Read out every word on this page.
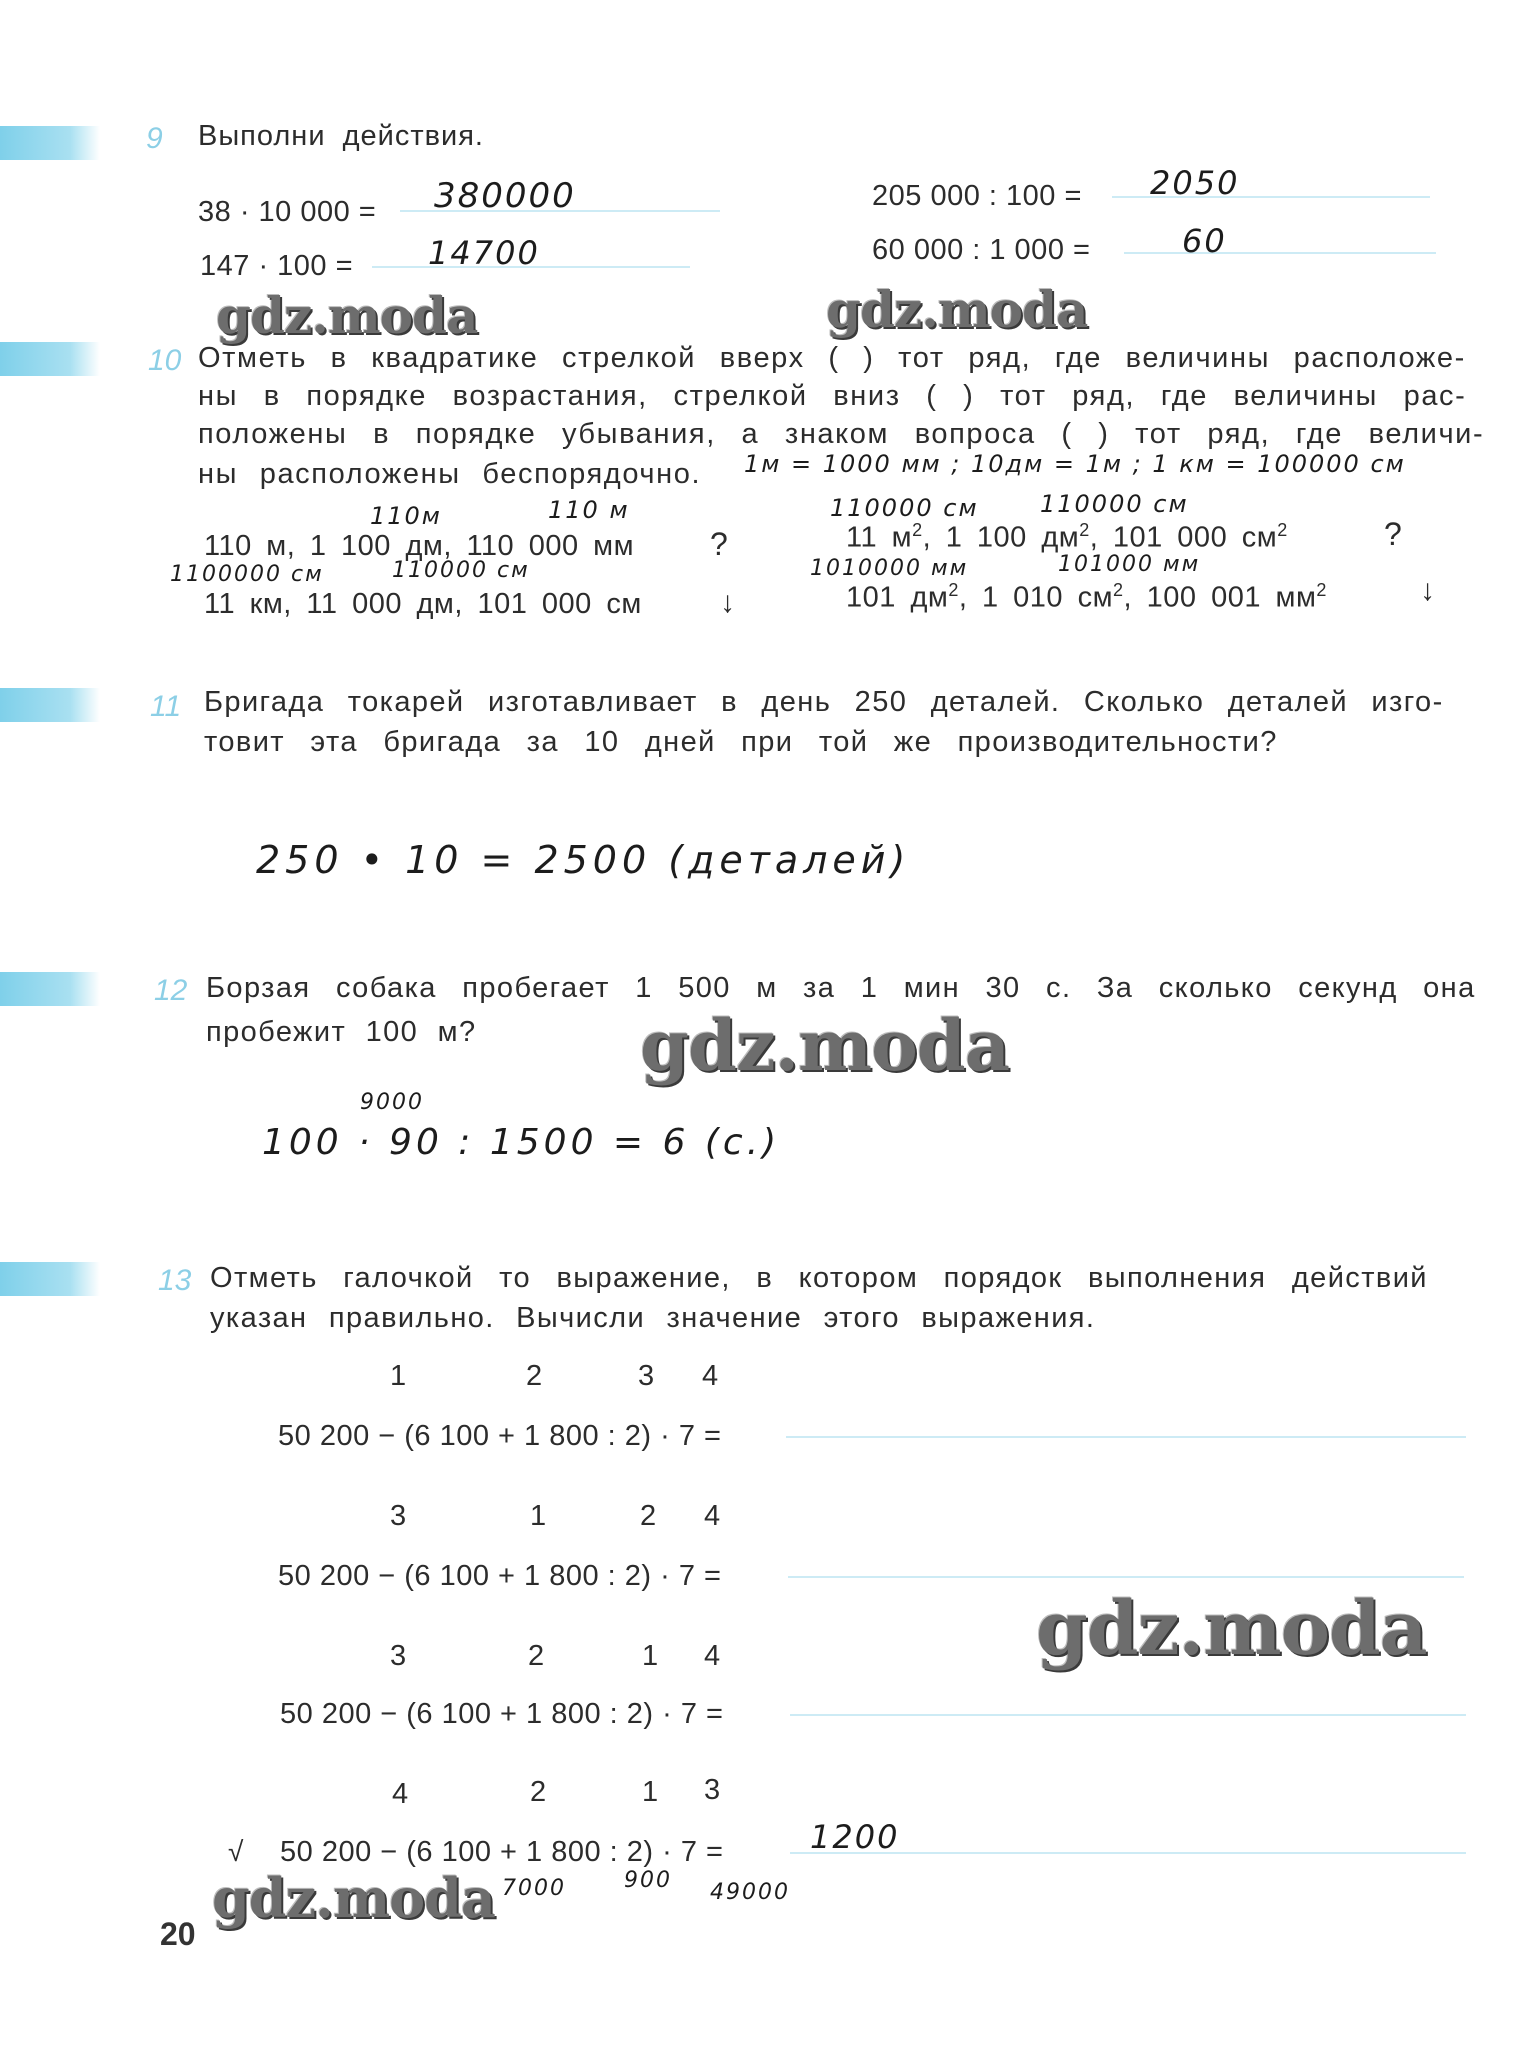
9 Выполни действия.
38 · 10 000 = 380000
147 · 100 = 14700
205 000 : 100 = 2050
60 000 : 1 000 =	60
gdz.moda	gdz.moda
10 Отметь в квадратике стрелкой вверх ( ) тот ряд, где величины расположе-
ны в порядке возрастания, стрелкой вниз ( ) тот ряд, где величины рас-
положены в порядке убывания, а знаком вопроса ( ) тот ряд, где величи-
ны расположены беспорядочно. 1м = 1000 мм ; 10дм = 1м ; 1 км = 100000 см
110м	110 м
110 м, 1 100 дм, 110 000 мм ?
1100000 см	110000 см
11 км, 11 000 дм, 101 000 см	↓
110000 см	110000 см
11 $м^2$, 1 100 $дм^2$, 101 000 $см^2$	?
1010000 мм	101000 мм
101 $дм^2$, 1 010 $см^2$, 100 001 $мм^2$	↓
11 Бригада токарей изготавливает в день 250 деталей. Сколько деталей изго-
товит эта бригада за 10 дней при той же производительности?
250 • 10 = 2500 (деталей)
12 Борзая собака пробегает 1 500 м за 1 мин 30 с. За сколько секунд она
пробежит 100 м? gdz.moda
9000
100 · 90 : 1500 = 6 (с.)
13 Отметь галочкой то выражение, в котором порядок выполнения действий
указан правильно. Вычисли значение этого выражения.
1	2	3 4
50 200 − (6 100 + 1 800 : 2) · 7 =
3	1	2 4
50 200 − (6 100 + 1 800 : 2) · 7 =
gdz.moda
3	2	1 4
50 200 − (6 100 + 1 800 : 2) · 7 =
4	2	1 3
√ 50 200 − (6 100 + 1 800 : 2) · 7 =	1200
gdz.moda 7000	900 49000
20
